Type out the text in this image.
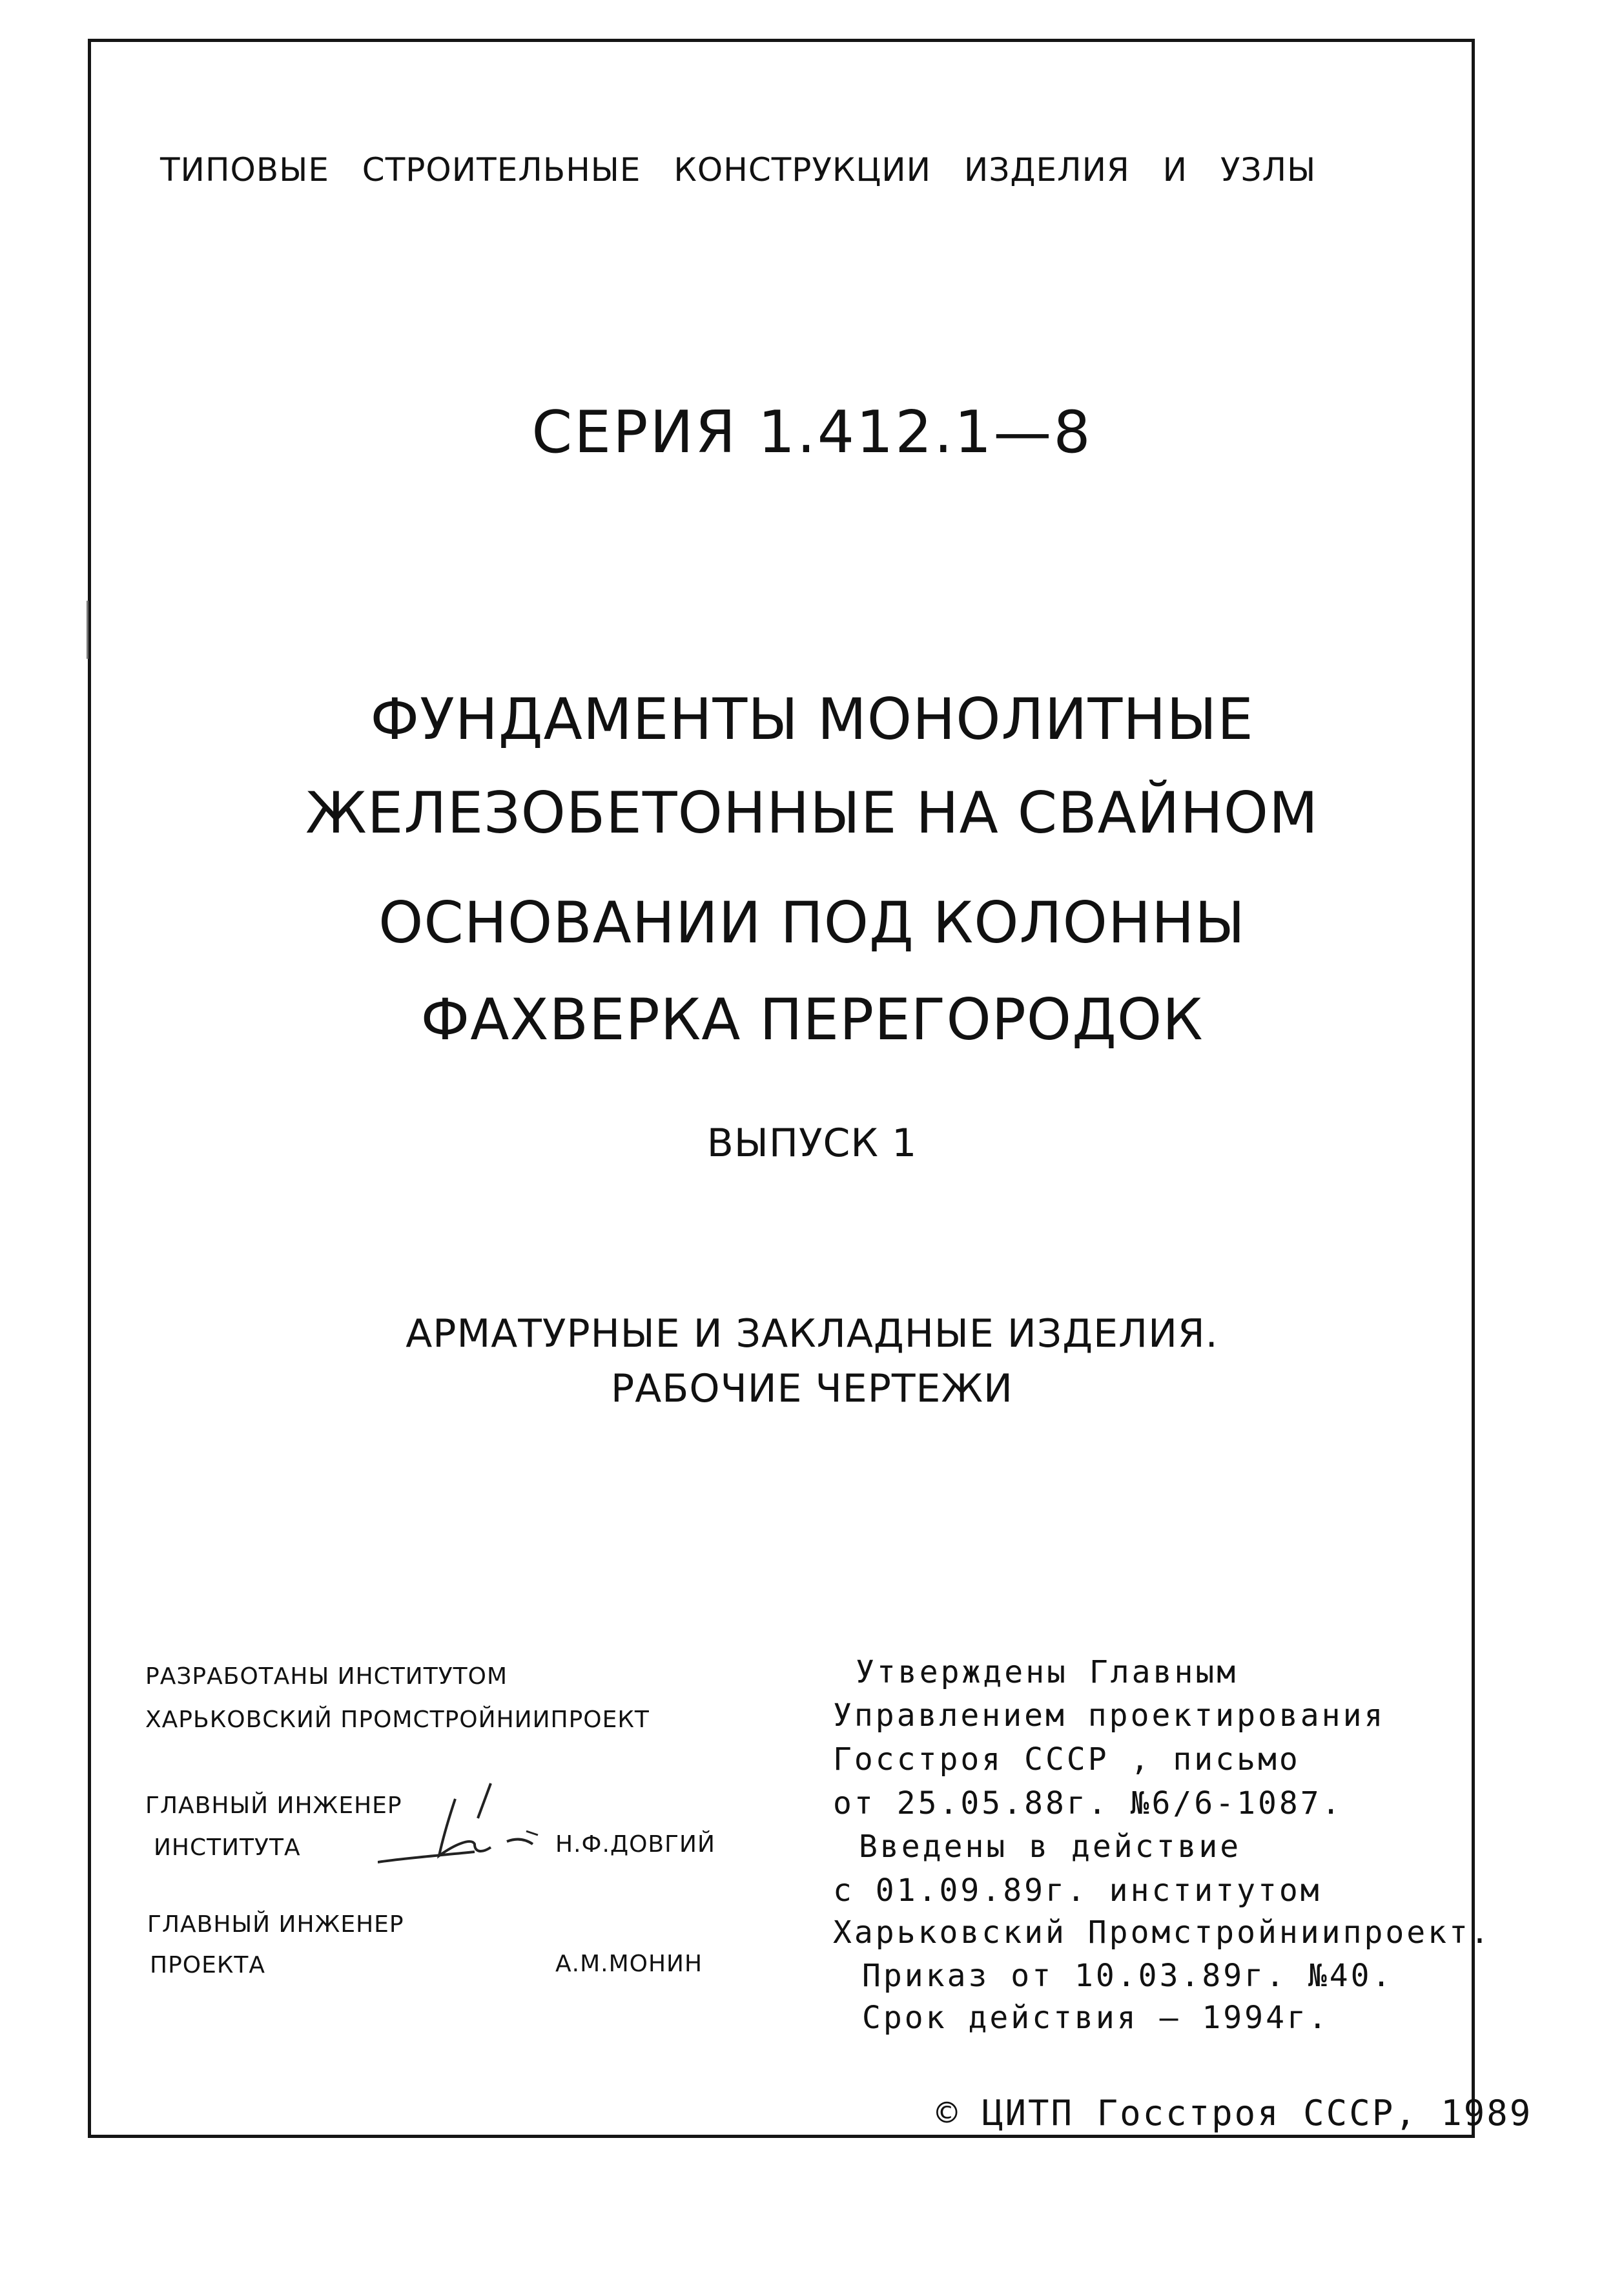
ТИПОВЫЕ СТРОИТЕЛЬНЫЕ КОНСТРУКЦИИ ИЗДЕЛИЯ И УЗЛЫ
СЕРИЯ 1.412.1—8
ФУНДАМЕНТЫ МОНОЛИТНЫЕ
ЖЕЛЕЗОБЕТОННЫЕ НА СВАЙНОМ
ОСНОВАНИИ ПОД КОЛОННЫ
ФАХВЕРКА ПЕРЕГОРОДОК
ВЫПУСК 1
АРМАТУРНЫЕ И ЗАКЛАДНЫЕ ИЗДЕЛИЯ.
РАБОЧИЕ ЧЕРТЕЖИ
РАЗРАБОТАНЫ ИНСТИТУТОМ
ХАРЬКОВСКИЙ ПРОМСТРОЙНИИПРОЕКТ
ГЛАВНЫЙ ИНЖЕНЕР
ИНСТИТУТА	Н.Ф.ДОВГИЙ
ГЛАВНЫЙ ИНЖЕНЕР
ПРОЕКТА	А.М.МОНИН
Утверждены Главным
Управлением проектирования
Госстроя СССР , письмо
от 25.05.88г. №6/6-1087.
Введены в действие
с 01.09.89г. институтом
Харьковский Промстройниипроект.
Приказ от 10.03.89г. №40.
Срок действия — 1994г.
© ЦИТП Госстроя СССР, 1989
